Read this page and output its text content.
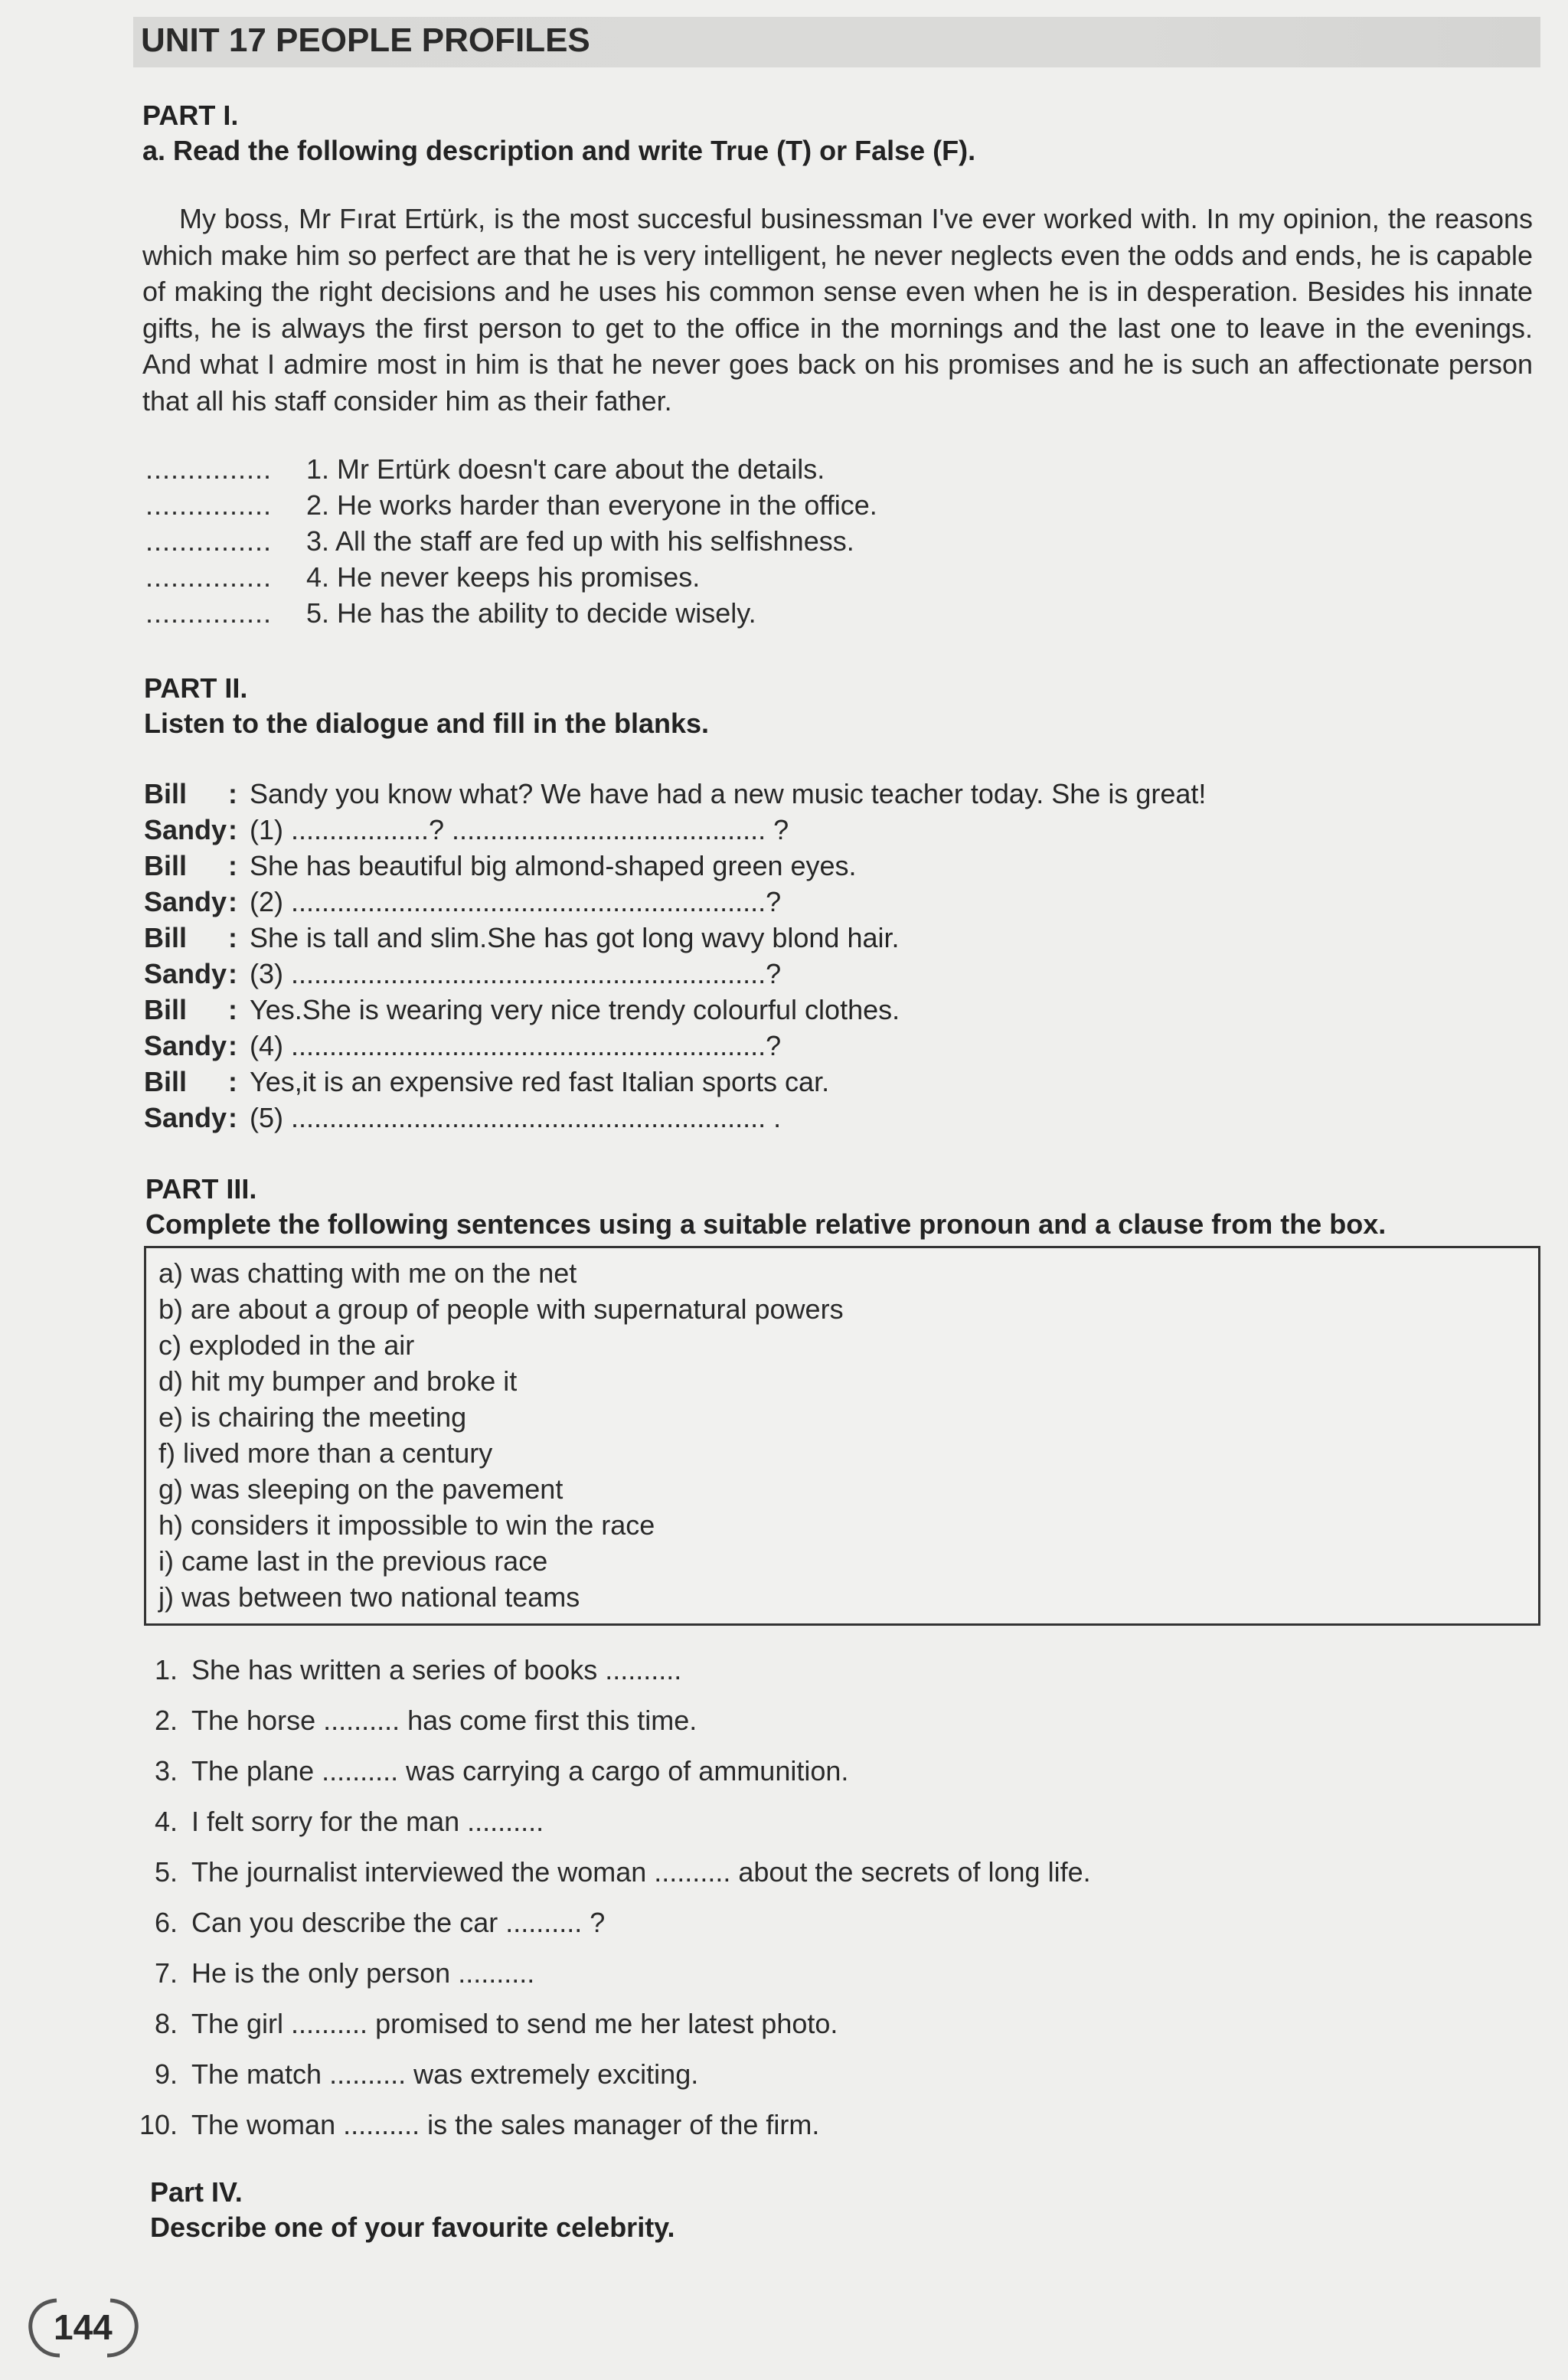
UNIT 17 PEOPLE PROFILES
PART I.
a. Read the following description and write True (T) or False (F).
My boss, Mr Fırat Ertürk, is the most succesful businessman I've ever worked with. In my opinion, the reasons which make him so perfect are that he is very intelligent, he never neglects even the odds and ends, he is capable of making the right decisions and he uses his common sense even when he is in desperation. Besides his innate gifts, he is always the first person to get to the office in the mornings and the last one to leave in the evenings. And what I admire most in him is that he never goes back on his promises and he is such an affectionate person that all his staff consider him as their father.
............... 1. Mr Ertürk doesn't care about the details.
............... 2. He works harder than everyone in the office.
............... 3. All the staff are fed up with his selfishness.
............... 4. He never keeps his promises.
............... 5. He has the ability to decide wisely.
PART II.
Listen to the dialogue and fill in the blanks.
Bill : Sandy you know what? We have had a new music teacher today. She is great!
Sandy: (1) ..................? ......................................... ?
Bill : She has beautiful big almond-shaped green eyes.
Sandy: (2) ..............................................................?
Bill : She is tall and slim.She has got long wavy blond hair.
Sandy: (3) ..............................................................?
Bill : Yes.She is wearing very nice trendy colourful clothes.
Sandy: (4) ..............................................................?
Bill : Yes,it is an expensive red fast Italian sports car.
Sandy: (5) .............................................................. .
PART III.
Complete the following sentences using a suitable relative pronoun and a clause from the box.
a) was chatting with me on the net
b) are about a group of people with supernatural powers
c) exploded in the air
d) hit my bumper and broke it
e) is chairing the meeting
f) lived more than a century
g) was sleeping on the pavement
h) considers it impossible to win the race
i) came last in the previous race
j) was between two national teams
1. She has written a series of books ..........
2. The horse .......... has come first this time.
3. The plane .......... was carrying a cargo of ammunition.
4. I felt sorry for the man ..........
5. The journalist interviewed the woman .......... about the secrets of long life.
6. Can you describe the car .......... ?
7. He is the only person ..........
8. The girl .......... promised to send me her latest photo.
9. The match .......... was extremely exciting.
10. The woman .......... is the sales manager of the firm.
Part IV.
Describe one of your favourite celebrity.
144
